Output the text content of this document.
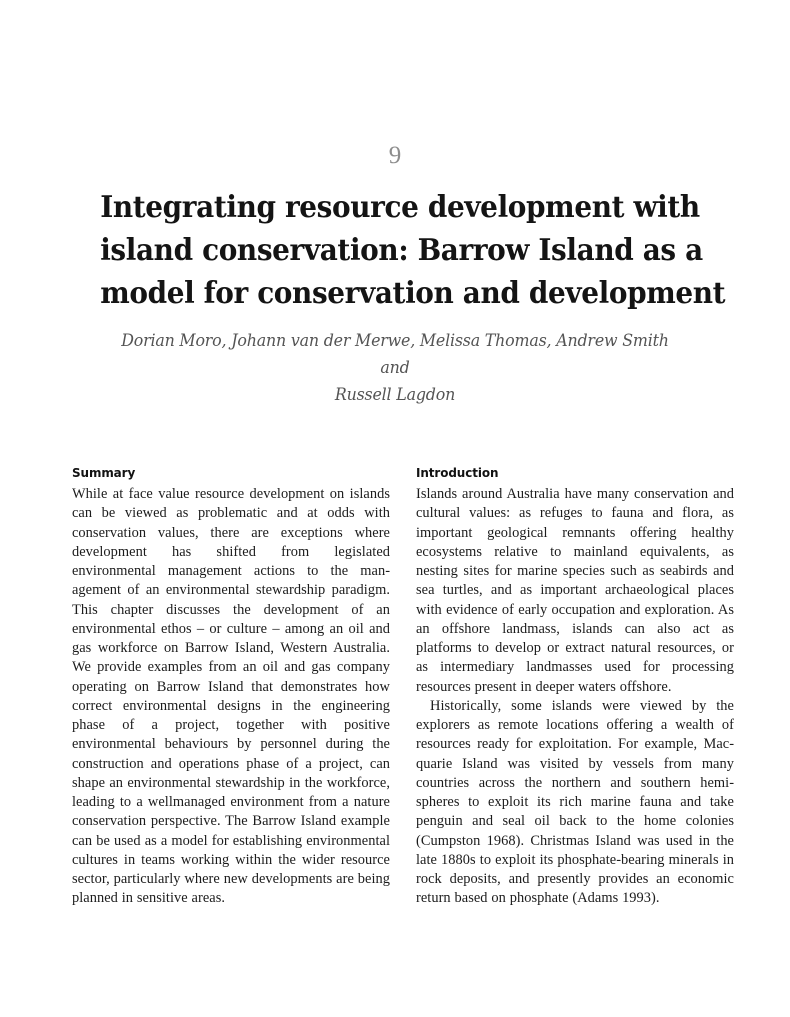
9
Integrating resource development with
island conservation: Barrow Island as a
model for conservation and development
Dorian Moro, Johann van der Merwe, Melissa Thomas, Andrew Smith and
Russell Lagdon
Summary

While at face value resource development on islands can be viewed as problematic and at odds with conservation values, there are exceptions where development has shifted from legislated environmental management actions to the management of an environmental stewardship paradigm. This chapter discusses the development of an environmental ethos – or culture – among an oil and gas workforce on Barrow Island, Western Australia. We provide examples from an oil and gas company operating on Barrow Island that demonstrates how correct environmental designs in the engineering phase of a project, together with positive environmental behaviours by personnel during the construction and operations phase of a project, can shape an environmental stewardship in the workforce, leading to a wellmanaged environment from a nature conservation perspective. The Barrow Island example can be used as a model for establishing environmental cultures in teams working within the wider resource sector, particularly where new developments are being planned in sensitive areas.

Introduction

Islands around Australia have many conservation and cultural values: as refuges to fauna and flora, as important geological remnants offering healthy ecosystems relative to mainland equivalents, as nesting sites for marine species such as seabirds and sea turtles, and as important archaeological places with evidence of early occupation and exploration. As an offshore landmass, islands can also act as platforms to develop or extract natural resources, or as intermediary landmasses used for processing resources present in deeper waters offshore.

Historically, some islands were viewed by the explorers as remote locations offering a wealth of resources ready for exploitation. For example, Macquarie Island was visited by vessels from many countries across the northern and southern hemispheres to exploit its rich marine fauna and take penguin and seal oil back to the home colonies (Cumpston 1968). Christmas Island was used in the late 1880s to exploit its phosphate-bearing minerals in rock deposits, and presently provides an economic return based on phosphate (Adams 1993).
